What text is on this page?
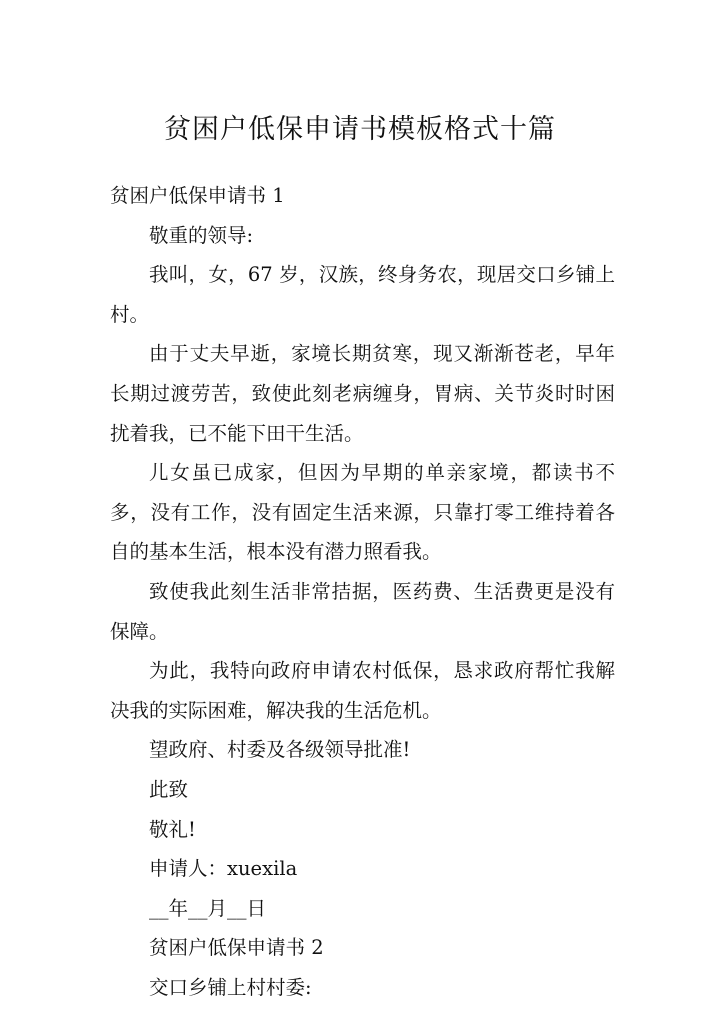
贫困户低保申请书模板格式十篇

贫困户低保申请书 1

敬重的领导:

我叫，女，67 岁，汉族，终身务农，现居交口乡铺上村。

由于丈夫早逝，家境长期贫寒，现又渐渐苍老，早年长期过渡劳苦，致使此刻老病缠身，胃病、关节炎时时困扰着我，已不能下田干生活。

儿女虽已成家，但因为早期的单亲家境，都读书不多，没有工作，没有固定生活来源，只靠打零工维持着各自的基本生活，根本没有潜力照看我。

致使我此刻生活非常拮据，医药费、生活费更是没有保障。

为此，我特向政府申请农村低保，恳求政府帮忙我解决我的实际困难，解决我的生活危机。

望政府、村委及各级领导批准!

此致

敬礼!

申请人：xuexila

__年__月__日

贫困户低保申请书 2

交口乡铺上村村委:
